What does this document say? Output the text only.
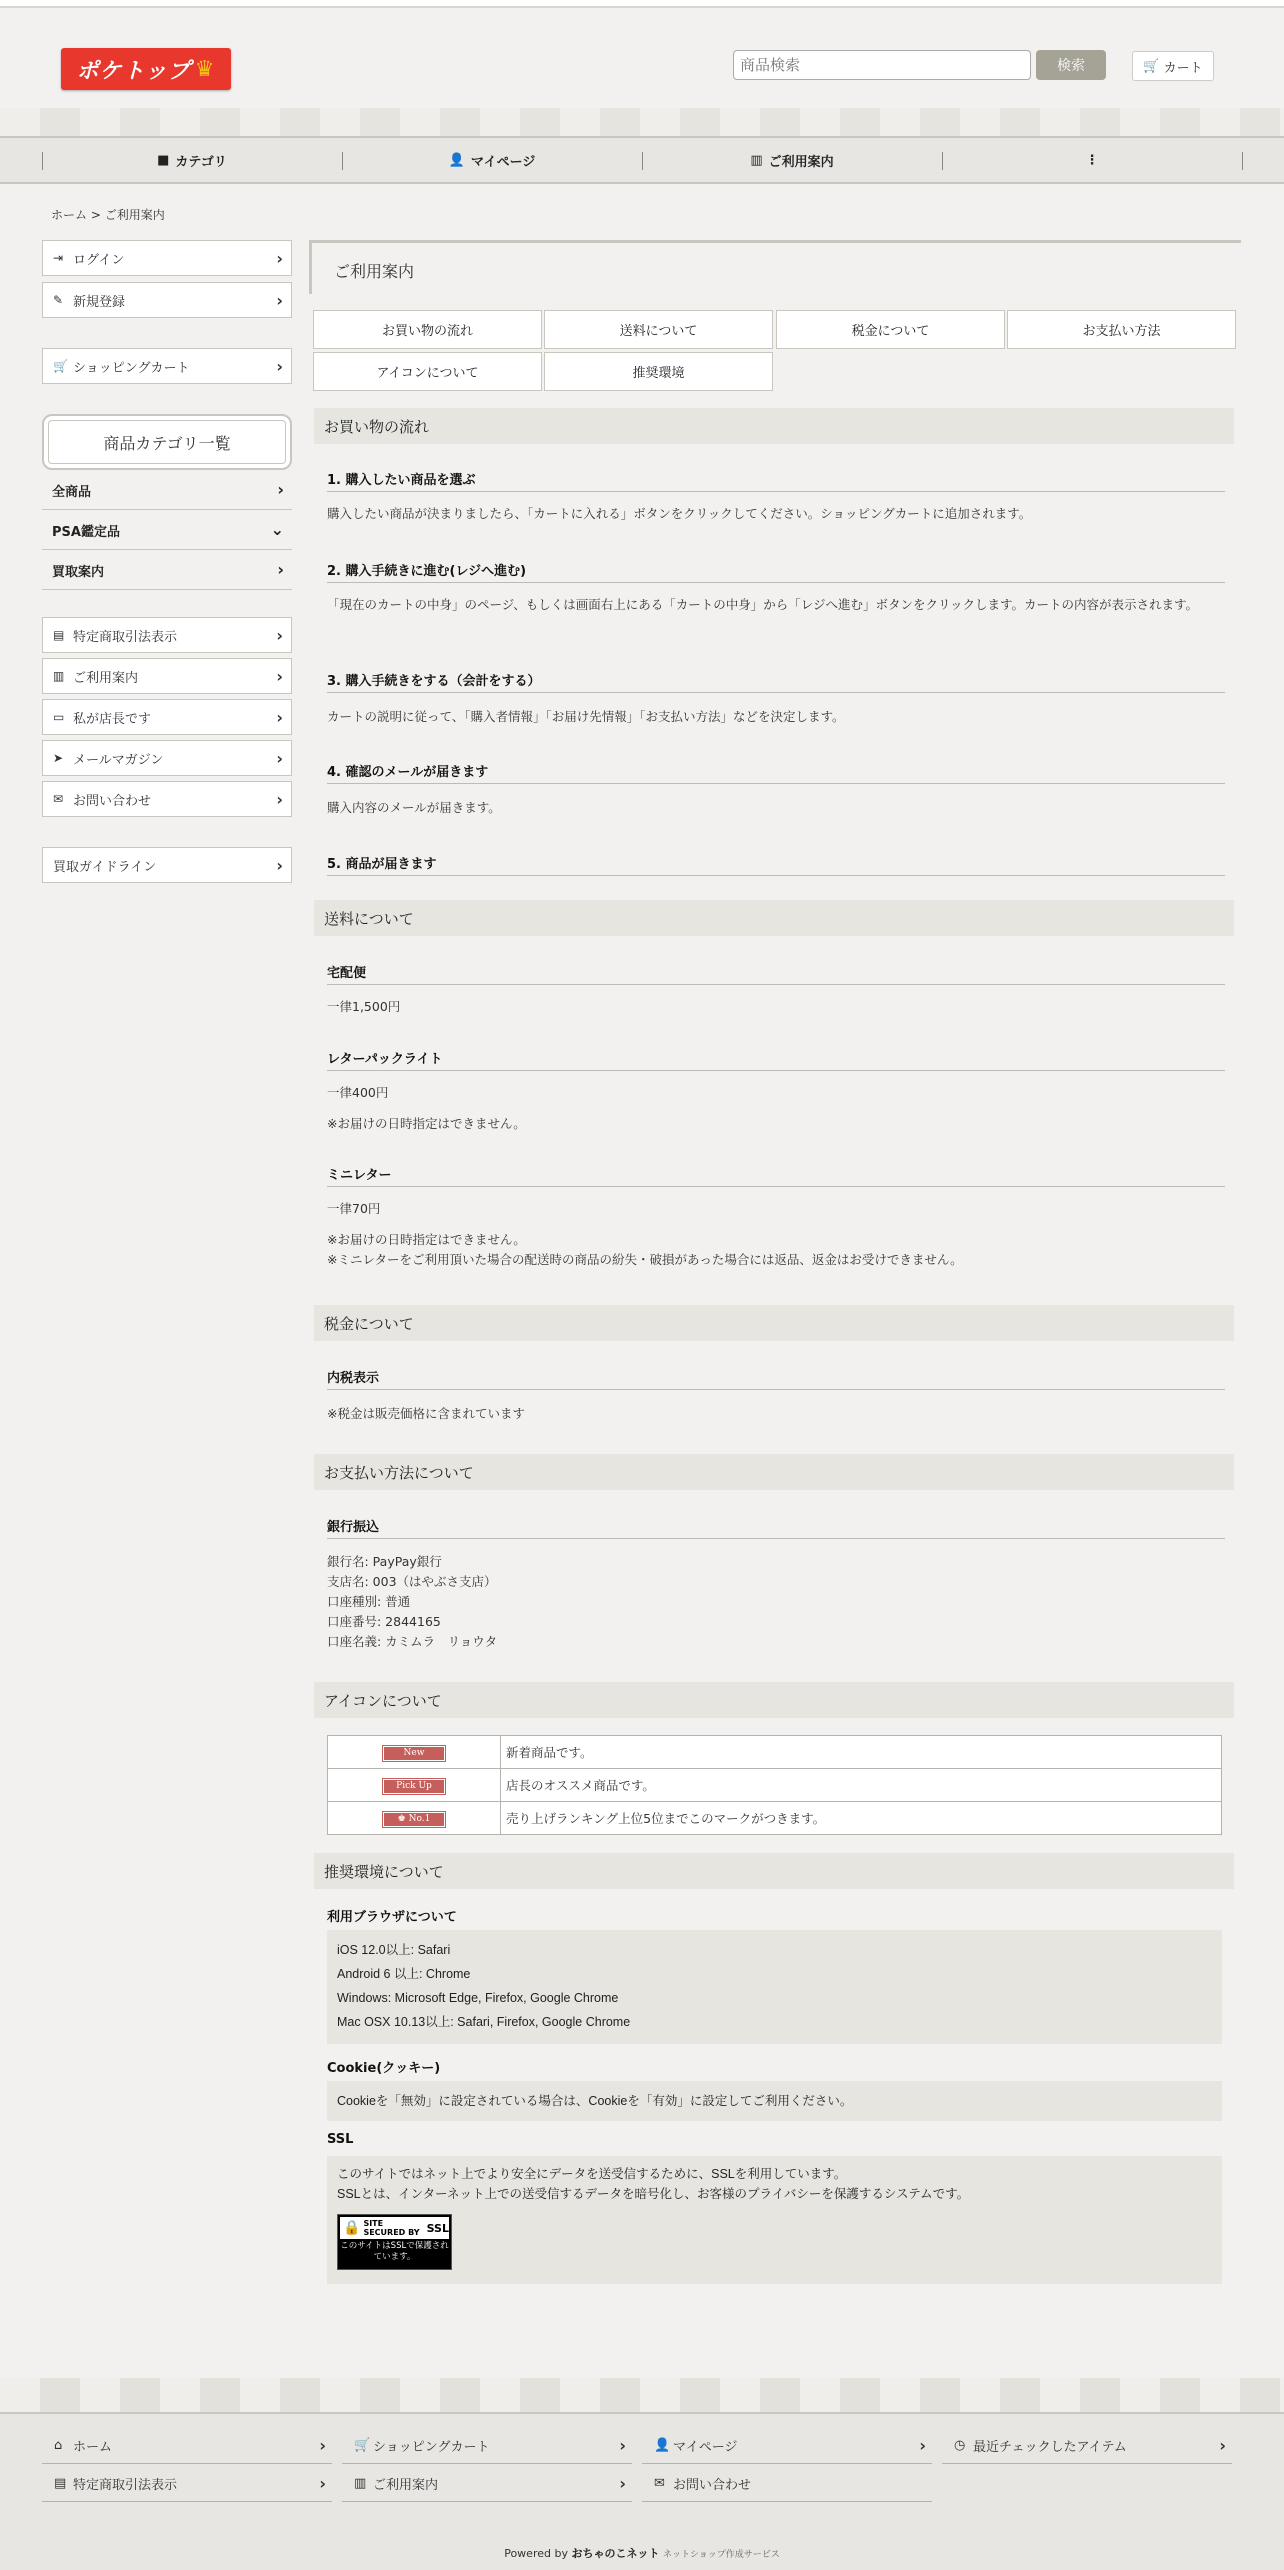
ポケトップ ♛
商品検索	検索	🛒 カート
■ カテゴリ	👤 マイページ	▥ ご利用案内	⋮
ホーム > ご利用案内
⇥ ログイン	›
✎ 新規登録	›
🛒 ショッピングカート	›
商品カテゴリ一覧
全商品	›
PSA鑑定品	⌄
買取案内	›
▤ 特定商取引法表示	›
▥ ご利用案内	›
▭ 私が店長です	›
➤ メールマガジン	›
✉ お問い合わせ	›
買取ガイドライン	›
ご利用案内
お買い物の流れ	送料について	税金について	お支払い方法
アイコンについて	推奨環境
お買い物の流れ
1. 購入したい商品を選ぶ
購入したい商品が決まりましたら、「カートに入れる」ボタンをクリックしてください。ショッピングカートに追加されます。
2. 購入手続きに進む(レジへ進む)
「現在のカートの中身」のページ、もしくは画面右上にある「カートの中身」から「レジへ進む」ボタンをクリックします。カートの内容が表示されます。
3. 購入手続きをする（会計をする）
カートの説明に従って、「購入者情報」「お届け先情報」「お支払い方法」などを決定します。
4. 確認のメールが届きます
購入内容のメールが届きます。
5. 商品が届きます
送料について
宅配便
一律1,500円
レターパックライト
一律400円
※お届けの日時指定はできません。
ミニレター
一律70円
※お届けの日時指定はできません。
※ミニレターをご利用頂いた場合の配送時の商品の紛失・破損があった場合には返品、返金はお受けできません。
税金について
内税表示
※税金は販売価格に含まれています
お支払い方法について
銀行振込
銀行名: PayPay銀行
支店名: 003（はやぶさ支店）
口座種別: 普通
口座番号: 2844165
口座名義: カミムラ　リョウタ
アイコンについて
New	新着商品です。
Pick Up	店長のオススメ商品です。
♚ No.1	売り上げランキング上位5位までこのマークがつきます。
推奨環境について
利用ブラウザについて
iOS 12.0以上: Safari
Android 6 以上: Chrome
Windows: Microsoft Edge, Firefox, Google Chrome
Mac OSX 10.13以上: Safari, Firefox, Google Chrome
Cookie(クッキー)
Cookieを「無効」に設定されている場合は、Cookieを「有効」に設定してご利用ください。
SSL
このサイトではネット上でより安全にデータを送受信するために、SSLを利用しています。
SSLとは、インターネット上での送受信するデータを暗号化し、お客様のプライバシーを保護するシステムです。
🔒 SITE SECURED BY SSL
このサイトはSSLで保護されています。
⌂ ホーム	› 🛒 ショッピングカート	› 👤 マイページ	› ◷ 最近チェックしたアイテム	›
▤ 特定商取引法表示	› ▥ ご利用案内	› ✉ お問い合わせ
Powered by おちゃのこネット ネットショップ作成サービス
